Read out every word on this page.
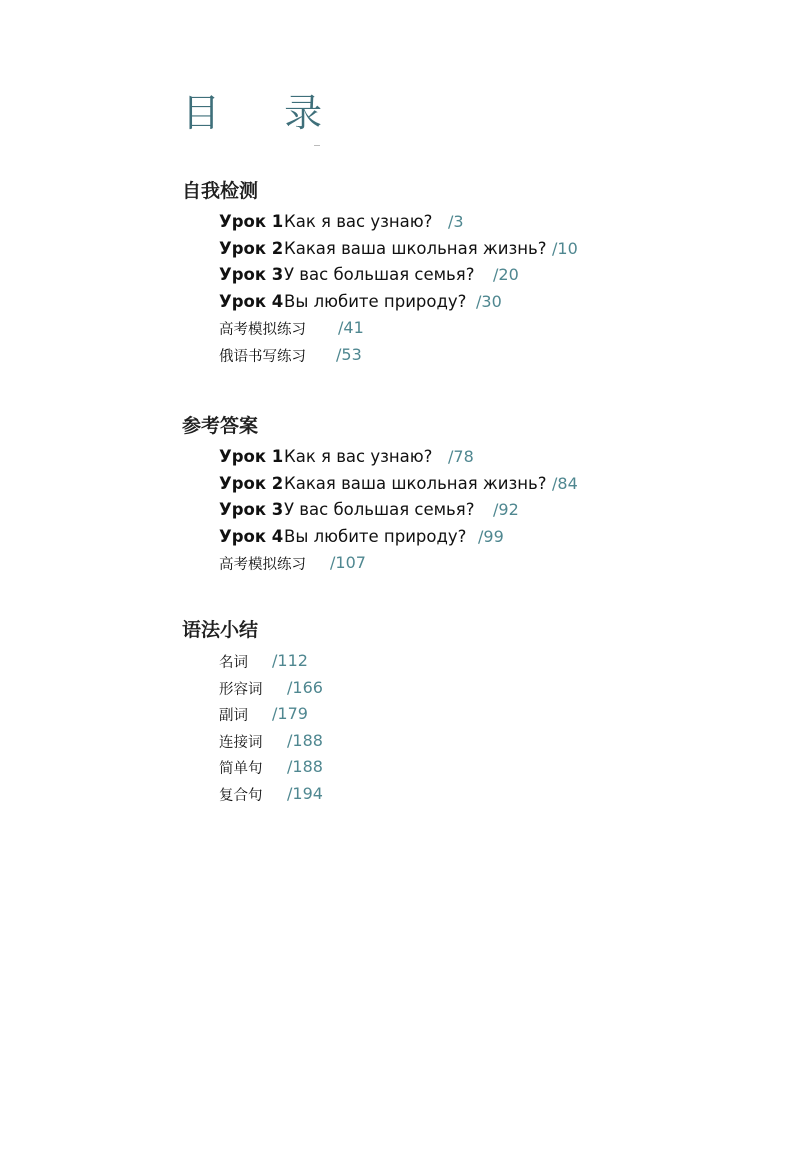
目 录
自我检测
Урок 1 Как я вас узнаю? /3
Урок 2 Какая ваша школьная жизнь? /10
Урок 3 У вас большая семья? /20
Урок 4 Вы любите природу? /30
高考模拟练习 /41
俄语书写练习 /53
参考答案
Урок 1 Как я вас узнаю? /78
Урок 2 Какая ваша школьная жизнь? /84
Урок 3 У вас большая семья? /92
Урок 4 Вы любите природу? /99
高考模拟练习 /107
语法小结
名词 /112
形容词 /166
副词 /179
连接词 /188
简单句 /188
复合句 /194
